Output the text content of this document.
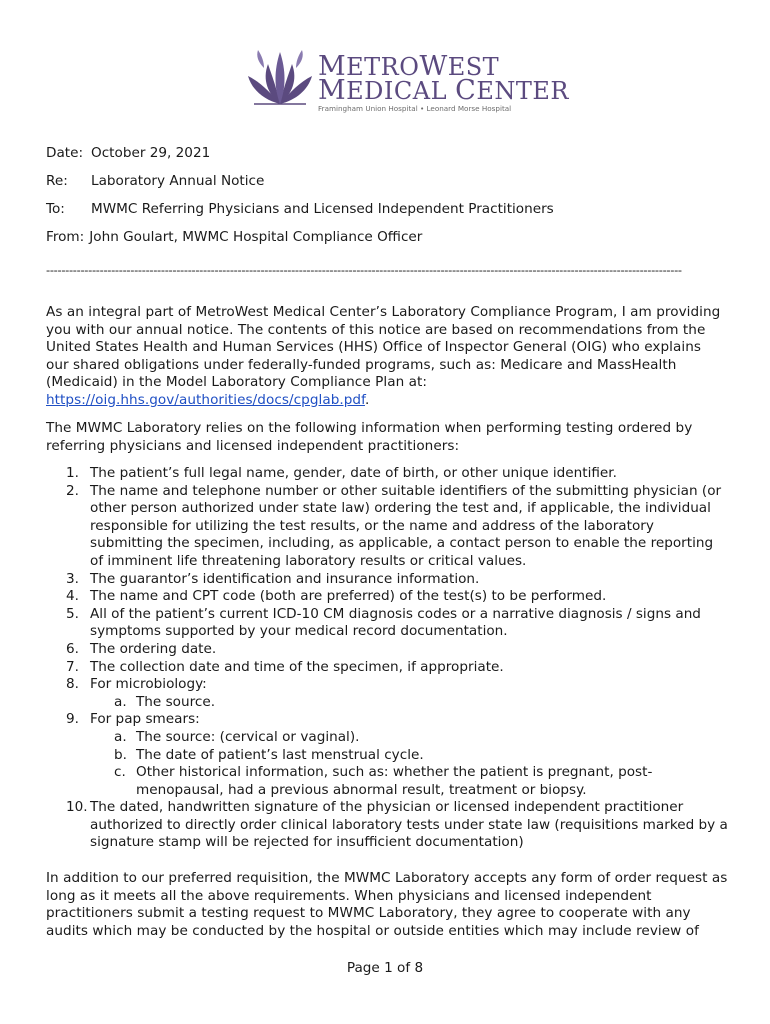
METROWEST
MEDICAL CENTER
Framingham Union Hospital • Leonard Morse Hospital
Date: October 29, 2021
Re: Laboratory Annual Notice
To: MWMC Referring Physicians and Licensed Independent Practitioners
From: John Goulart, MWMC Hospital Compliance Officer
----------------------------------------------------------------------------------------------------------------------------------------------------------------------
As an integral part of MetroWest Medical Center’s Laboratory Compliance Program, I am providing you with our annual notice. The contents of this notice are based on recommendations from the United States Health and Human Services (HHS) Office of Inspector General (OIG) who explains our shared obligations under federally-funded programs, such as: Medicare and MassHealth (Medicaid) in the Model Laboratory Compliance Plan at: https://oig.hhs.gov/authorities/docs/cpglab.pdf.
The MWMC Laboratory relies on the following information when performing testing ordered by referring physicians and licensed independent practitioners:
1. The patient’s full legal name, gender, date of birth, or other unique identifier.
2. The name and telephone number or other suitable identifiers of the submitting physician (or other person authorized under state law) ordering the test and, if applicable, the individual responsible for utilizing the test results, or the name and address of the laboratory submitting the specimen, including, as applicable, a contact person to enable the reporting of imminent life threatening laboratory results or critical values.
3. The guarantor’s identification and insurance information.
4. The name and CPT code (both are preferred) of the test(s) to be performed.
5. All of the patient’s current ICD-10 CM diagnosis codes or a narrative diagnosis / signs and symptoms supported by your medical record documentation.
6. The ordering date.
7. The collection date and time of the specimen, if appropriate.
8. For microbiology:
a. The source.
9. For pap smears:
a. The source: (cervical or vaginal).
b. The date of patient’s last menstrual cycle.
c. Other historical information, such as: whether the patient is pregnant, post-menopausal, had a previous abnormal result, treatment or biopsy.
10. The dated, handwritten signature of the physician or licensed independent practitioner authorized to directly order clinical laboratory tests under state law (requisitions marked by a signature stamp will be rejected for insufficient documentation)
In addition to our preferred requisition, the MWMC Laboratory accepts any form of order request as long as it meets all the above requirements. When physicians and licensed independent practitioners submit a testing request to MWMC Laboratory, they agree to cooperate with any audits which may be conducted by the hospital or outside entities which may include review of
Page 1 of 8
